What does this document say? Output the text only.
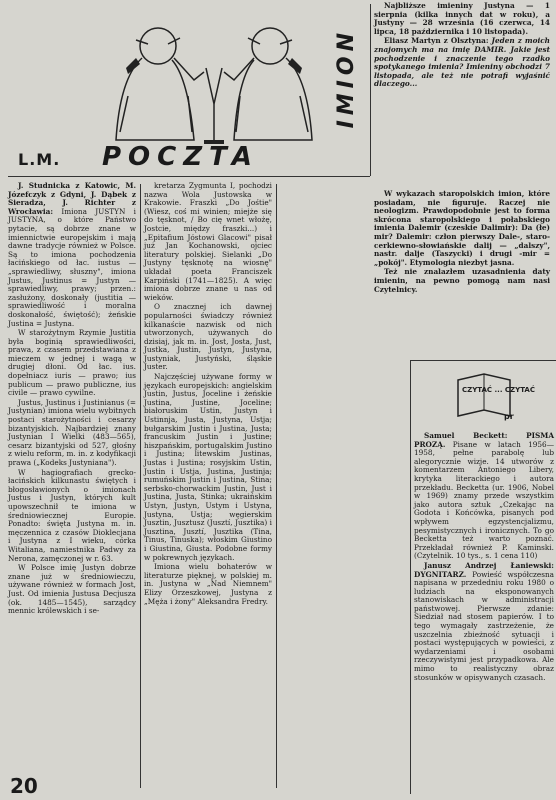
L.M. POCZTA
IMION

J. Studnicka z Katowic, M. Józefczyk z Gdyni, J. Dąbek z Sieradza, J. Richter z Wrocławia: Imiona JUSTYN i JUSTYNA, o które Państwo pytacie, są dobrze znane w imiennictwie europejskim i mają dawne tradycje również w Polsce. Są to imiona pochodzenia łacińskiego od łac. iustus — „sprawiedliwy, słuszny", imiona Justus, Justinus = Justyn — sprawiedliwy, prawy; przen.: zasłużony, doskonały (justitia — sprawiedliwość i moralna doskonałość, świętość); żeńskie Justina = Justyna.

W starożytnym Rzymie Justitia była boginią sprawiedliwości, prawa, z czasem przedstawiana z mieczem w jednej i wagą w drugiej dłoni. Od łac. ius. dopełniacz iuris — prawo; ius publicum — prawo publiczne, ius civile — prawo cywilne.

Justus, Justinus i Justinianus (= Justynian) imiona wielu wybitnych postaci starożytności i cesarzy bizantyjskich. Najbardziej znany Justynian I Wielki (483—565), cesarz bizantyjski od 527, głośny z wielu reform, m. in. z kodyfikacji prawa („Kodeks Justyniana").

W hagiografiach grecko-łacińskich kilkunastu świętych i błogosławionych o imionach Justus i Justyn, których kult upowszechnił te imiona w średniowiecznej Europie. Ponadto: święta Justyna m. in. męczennica z czasów Dioklecjana i Justyna z I wieku, córka Witaliana, namiestnika Padwy za Nerona, zamęczonej w r. 63.

W Polsce imię Justyn dobrze znane już w średniowieczu, używane również w formach Jost, Just. Od imienia Justusa Decjusza (ok. 1485—1545), sarządcy mennic królewskich i se-

kretarza Zygmunta I, pochodzi nazwa Wola Justowska w Krakowie. Fraszki „Do Jośtie" (Wiesz, coś mi winien; miejże się do tęsknot, / Bo cię wnet włożę, Jostcie, między fraszki...) i „Epitafium Jóstowi Glacowi" pisał już Jan Kochanowski, ojciec literatury polskiej. Sielanki „Do Justyny tęsknotę na wiosnę" układał poeta Franciszek Karpiński (1741—1825). A więc imiona dobrze znane u nas od wieków.

O znacznej ich dawnej popularności świadczy również kilkanaście nazwisk od nich utworzonych, używanych do dzisiaj, jak m. in. Jost, Josta, Just, Justka, Justin, Justyn, Justyna, Justyniak, Justyński, śląskie Juster.

Najczęściej używane formy w językach europejskich: angielskim Justin, Justus, Joceline i żeńskie Justina, Justine, Joceline; białoruskim Ustin, Justyn i Ustinnja, Justa, Justyna, Ustja; bułgarskim Justin i Justina, Justa; francuskim Justin i Justine; hiszpańskim, portugalskim Justino i Justina; litewskim Justinas, Justas i Justina; rosyjskim Ustin, Justin i Ustja, Justina, Justinja; rumuńskim Justin i Justina, Stina; serbsko-chorwackim Justin, Just i Justina, Justa, Stinka; ukraińskim Ustyn, Justyn, Ustym i Ustyna, Justyna, Ustja; węgierskim Jusztin, Jusztusz (Jusztí, Jusztika) i Jusztina, Jusztí, Jusztika (Tina, Tinus, Tinuska); włoskim Giustino i Giustina, Giusta. Podobne formy w pokrewnych językach.

Imiona wielu bohaterów w literaturze pięknej, w polskiej m. in. Justyna w „Nad Niemnem" Elizy Orzeszkowej, Justyna z „Męża i żony" Aleksandra Fredry.

Najbliższe imieniny Justyna — 1 sierpnia (kilka innych dat w roku), a Justyny — 28 września (16 czerwca, 14 lipca, 18 października i 10 listopada).

Eliasz Martyn z Olsztyna: Jeden z moich znajomych ma na imię DAMIR. Jakie jest pochodzenie i znaczenie tego rzadko spotykanego imienia? Imieniny obchodzi 7 listopada, ale też nie potrafi wyjaśnić dlaczego...

W wykazach staropolskich imion, które posiadam, nie figuruje. Raczej nie neologizm. Prawdopodobnie jest to forma skrócona staropolskiego i połabskiego imienia Dalemir (czeskie Dalimir): Da (łe) mir? Dalemir: człon pierwszy Dale-, staro-cerkiewno-słowiańskie dalij — „dalszy", nastr. dalje (Taszycki) i drugi -mir = „pokój". Etymologia niezbyt jasna.

Też nie znalazłem uzasadnienia daty imienin, na pewno pomogą nam nasi Czytelnicy.

CZYTAĆ ... CZYTAĆ
pr

Samuel Beckett: PISMA PROZĄ. Pisane w latach 1956—1958, pełne parabolę lub alegorycznie wizje. 14 utworów z komentarzem Antoniego Libery, krytyka literackiego i autora przekładu. Becketta (ur. 1906, Nobel w 1969) znamy przede wszystkim jako autora sztuk „Czekając na Godota i Końcówka, pisanych pod wpływem egzystencjalizmu, pesymistycznych i ironicznych. To go Becketta też warto poznać. Przekładał również P. Kaminski. (Czytelnik. 10 tys., s. 1 cena 110)

Janusz Andrzej Łaniewski: DYGNITARZ. Powieść współczesna napisana w przededniu roku 1980 o ludziach na eksponowanych stanowiskach w administracji państwowej. Pierwsze zdanie: Siedział nad stosem papierów. I to tego wymagały zastrzeżenie, że uszczelnia zbieżność sytuacji i postaci występujących w powieści, z wydarzeniami i osobami rzeczywistymi jest przypadkowa. Ale mimo to realistyczny obraz stosunków w opisywanych czasach.

20
